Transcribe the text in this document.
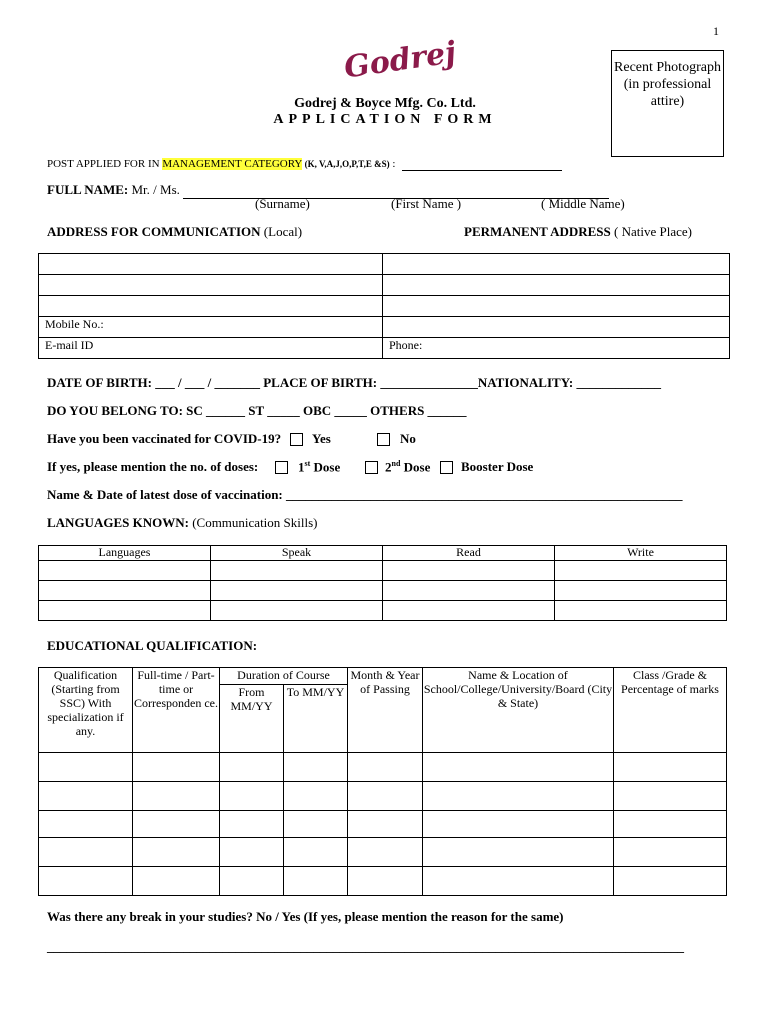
1
Godrej
Godrej & Boyce Mfg. Co. Ltd.
APPLICATION FORM
Recent Photograph (in professional attire)
POST APPLIED FOR IN MANAGEMENT CATEGORY (K, V,A,J,O,P,T,E &S) :
FULL NAME: Mr. / Ms.
(Surname)	(First Name )	( Middle Name)
ADDRESS FOR COMMUNICATION (Local)	PERMANENT ADDRESS ( Native Place)

Mobile No.:	
E-mail ID	Phone:
DATE OF BIRTH: ___ / ___ / _______ PLACE OF BIRTH: _______________NATIONALITY: _____________
DO YOU BELONG TO: SC ______ ST _____ OBC _____ OTHERS ______
Have you been vaccinated for COVID-19? Yes	No
If yes, please mention the no. of doses:	1st Dose	2nd Dose Booster Dose
Name & Date of latest dose of vaccination: _____________________________________________________________
LANGUAGES KNOWN: (Communication Skills)
Languages	Speak	Read	Write

EDUCATIONAL QUALIFICATION:
Qualification (Starting from SSC) With specialization if any.	Full-time / Part-time or Corresponden ce.	Duration of Course		Month & Year of Passing	Name & Location of School/College/University/Board (City & State)	Class /Grade & Percentage of marks
		From MM/YY	To MM/YY			

Was there any break in your studies? No / Yes (If yes, please mention the reason for the same)
__________________________________________________________________________________________________
